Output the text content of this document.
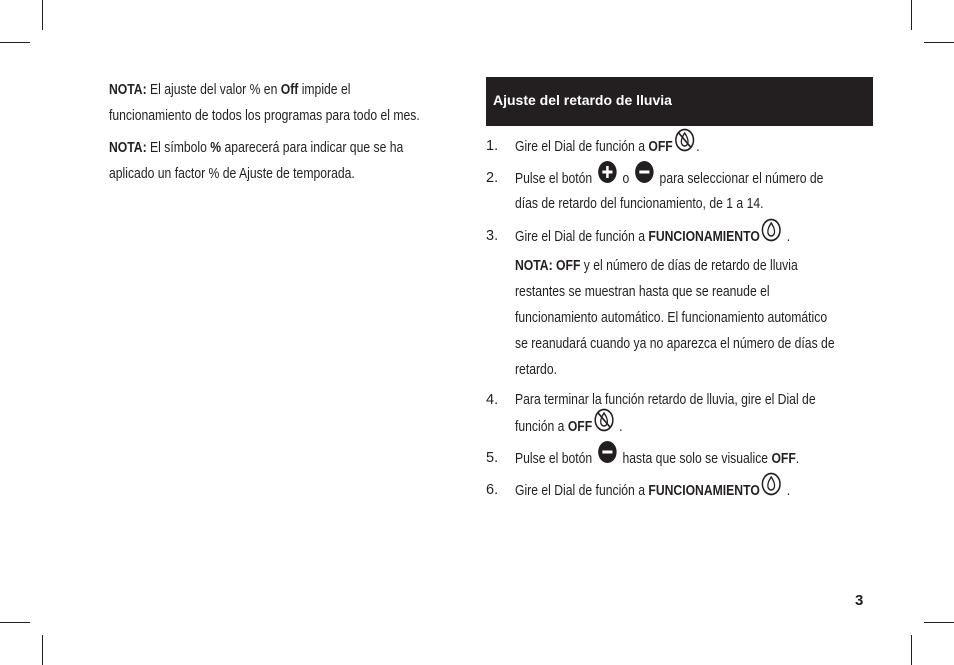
NOTA: El ajuste del valor % en Off impide el
funcionamiento de todos los programas para todo el mes.

NOTA: El símbolo % aparecerá para indicar que se ha
aplicado un factor % de Ajuste de temporada.

Ajuste del retardo de lluvia
1. Gire el Dial de función a OFF .
2. Pulse el botón  o  para seleccionar el número de
días de retardo del funcionamiento, de 1 a 14.
3. Gire el Dial de función a FUNCIONAMIENTO .
NOTA: OFF y el número de días de retardo de lluvia
restantes se muestran hasta que se reanude el
funcionamiento automático. El funcionamiento automático
se reanudará cuando ya no aparezca el número de días de
retardo.
4. Para terminar la función retardo de lluvia, gire el Dial de
función a OFF .
5. Pulse el botón  hasta que solo se visualice OFF.
6. Gire el Dial de función a FUNCIONAMIENTO .
3
